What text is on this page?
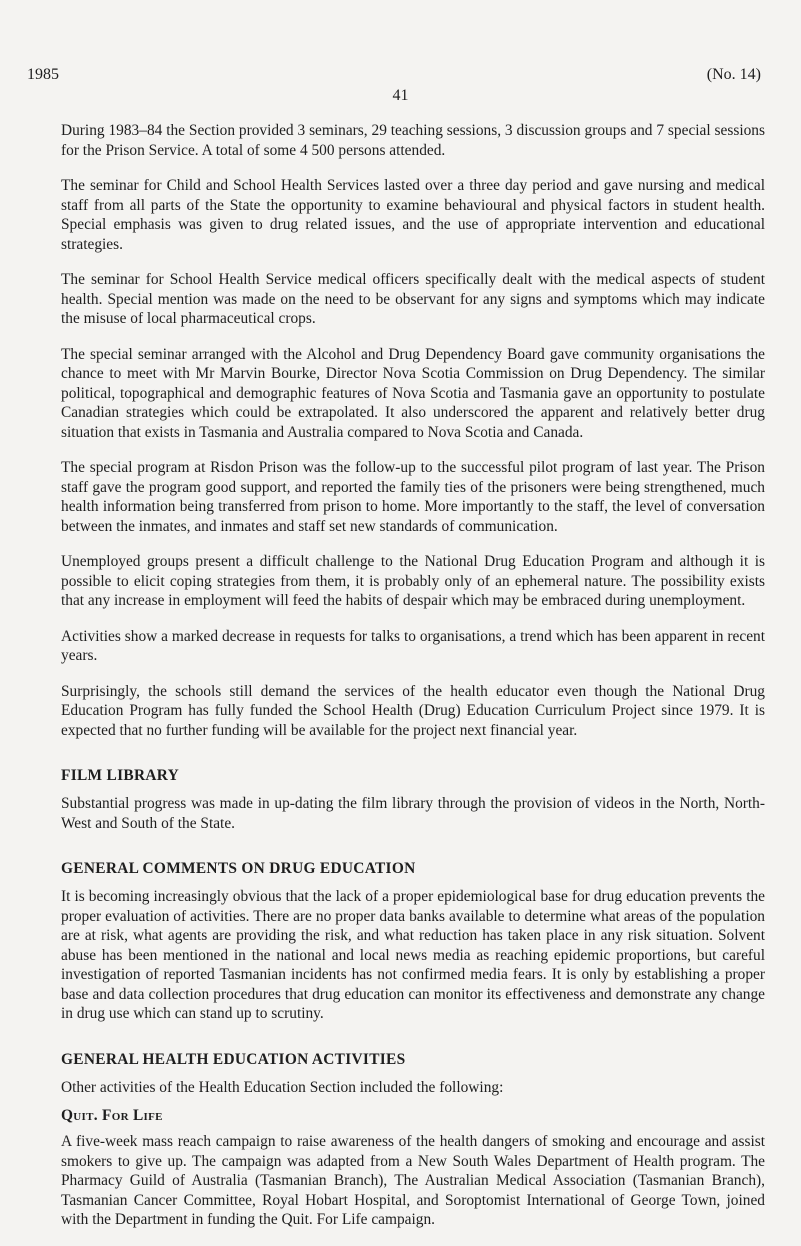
1985	(No. 14)
41

During 1983–84 the Section provided 3 seminars, 29 teaching sessions, 3 discussion groups and 7 special sessions for the Prison Service. A total of some 4 500 persons attended.

The seminar for Child and School Health Services lasted over a three day period and gave nursing and medical staff from all parts of the State the opportunity to examine behavioural and physical factors in student health. Special emphasis was given to drug related issues, and the use of appropriate intervention and educational strategies.

The seminar for School Health Service medical officers specifically dealt with the medical aspects of student health. Special mention was made on the need to be observant for any signs and symptoms which may indicate the misuse of local pharmaceutical crops.

The special seminar arranged with the Alcohol and Drug Dependency Board gave community organisations the chance to meet with Mr Marvin Bourke, Director Nova Scotia Commission on Drug Dependency. The similar political, topographical and demographic features of Nova Scotia and Tasmania gave an opportunity to postulate Canadian strategies which could be extrapolated. It also underscored the apparent and relatively better drug situation that exists in Tasmania and Australia compared to Nova Scotia and Canada.

The special program at Risdon Prison was the follow-up to the successful pilot program of last year. The Prison staff gave the program good support, and reported the family ties of the prisoners were being strengthened, much health information being transferred from prison to home. More importantly to the staff, the level of conversation between the inmates, and inmates and staff set new standards of communication.

Unemployed groups present a difficult challenge to the National Drug Education Program and although it is possible to elicit coping strategies from them, it is probably only of an ephemeral nature. The possibility exists that any increase in employment will feed the habits of despair which may be embraced during unemployment.

Activities show a marked decrease in requests for talks to organisations, a trend which has been apparent in recent years.

Surprisingly, the schools still demand the services of the health educator even though the National Drug Education Program has fully funded the School Health (Drug) Education Curriculum Project since 1979. It is expected that no further funding will be available for the project next financial year.

FILM LIBRARY

Substantial progress was made in up-dating the film library through the provision of videos in the North, North-West and South of the State.

GENERAL COMMENTS ON DRUG EDUCATION

It is becoming increasingly obvious that the lack of a proper epidemiological base for drug education prevents the proper evaluation of activities. There are no proper data banks available to determine what areas of the population are at risk, what agents are providing the risk, and what reduction has taken place in any risk situation. Solvent abuse has been mentioned in the national and local news media as reaching epidemic proportions, but careful investigation of reported Tasmanian incidents has not confirmed media fears. It is only by establishing a proper base and data collection procedures that drug education can monitor its effectiveness and demonstrate any change in drug use which can stand up to scrutiny.

GENERAL HEALTH EDUCATION ACTIVITIES

Other activities of the Health Education Section included the following:

Quit. For Life

A five-week mass reach campaign to raise awareness of the health dangers of smoking and encourage and assist smokers to give up. The campaign was adapted from a New South Wales Department of Health program. The Pharmacy Guild of Australia (Tasmanian Branch), The Australian Medical Association (Tasmanian Branch), Tasmanian Cancer Committee, Royal Hobart Hospital, and Soroptomist International of George Town, joined with the Department in funding the Quit. For Life campaign.
